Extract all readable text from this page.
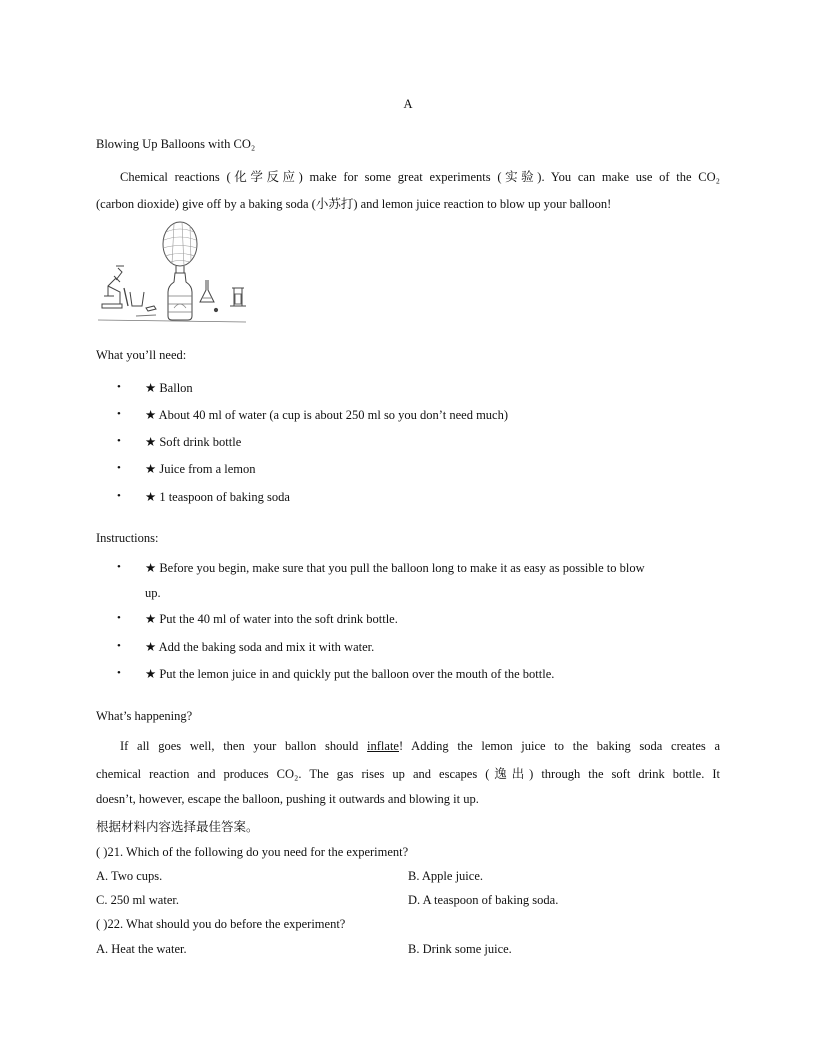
A
Blowing Up Balloons with CO₂
Chemical reactions (化学反应) make for some great experiments (实验). You can make use of the CO₂
(carbon dioxide) give off by a baking soda (小苏打) and lemon juice reaction to blow up your balloon!
What you’ll need:
• ★ Ballon
• ★ About 40 ml of water (a cup is about 250 ml so you don’t need much)
• ★ Soft drink bottle
• ★ Juice from a lemon
• ★ 1 teaspoon of baking soda
Instructions:
• ★ Before you begin, make sure that you pull the balloon long to make it as easy as possible to blow
up.
• ★ Put the 40 ml of water into the soft drink bottle.
• ★ Add the baking soda and mix it with water.
• ★ Put the lemon juice in and quickly put the balloon over the mouth of the bottle.
What’s happening?
If all goes well, then your ballon should inflate! Adding the lemon juice to the baking soda creates a
chemical reaction and produces CO₂. The gas rises up and escapes (逸出) through the soft drink bottle. It
doesn’t, however, escape the balloon, pushing it outwards and blowing it up.
根据材料内容选择最佳答案。
( )21. Which of the following do you need for the experiment?
A. Two cups.	B. Apple juice.
C. 250 ml water.	D. A teaspoon of baking soda.
( )22. What should you do before the experiment?
A. Heat the water.	B. Drink some juice.
